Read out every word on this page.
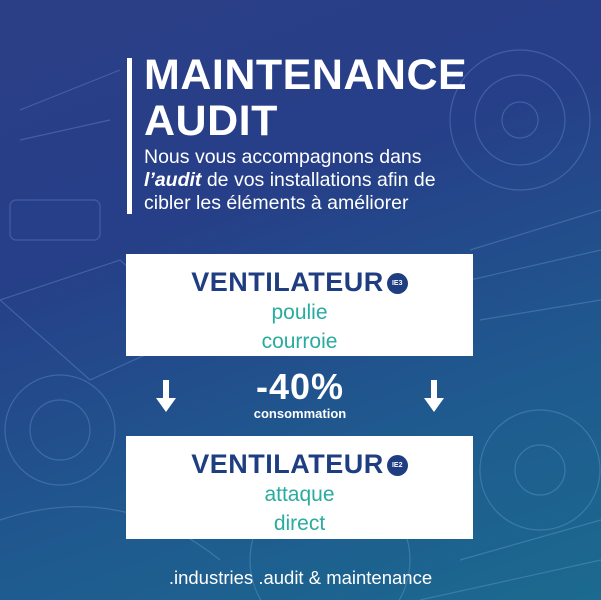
MAINTENANCE
AUDIT
Nous vous accompagnons dans
l’audit de vos installations afin de cibler les éléments à améliorer
VENTILATEUR IE3
poulie
courroie
-40%
consommation
VENTILATEUR IE2
attaque
direct
.industries .audit & maintenance
